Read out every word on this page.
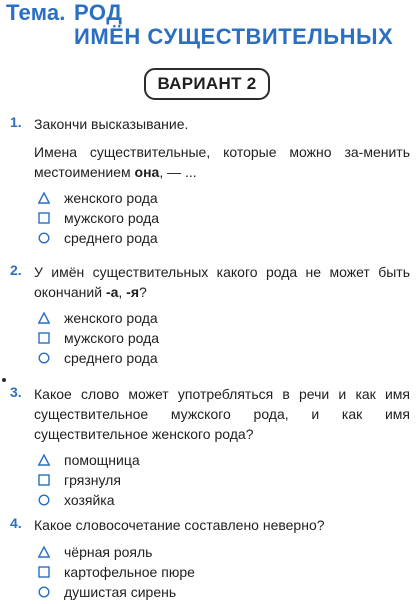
Тема. РОД
ИМЁН СУЩЕСТВИТЕЛЬНЫХ
ВАРИАНТ 2
1. Закончи высказывание.
Имена существительные, которые можно за-менить местоимением она, — ...
женского рода
мужского рода
среднего рода
2. У имён существительных какого рода не может быть окончаний -а, -я?
женского рода
мужского рода
среднего рода
3. Какое слово может употребляться в речи и как имя существительное мужского рода, и как имя существительное женского рода?
помощница
грязнуля
хозяйка
4. Какое словосочетание составлено неверно?
чёрная рояль
картофельное пюре
душистая сирень
